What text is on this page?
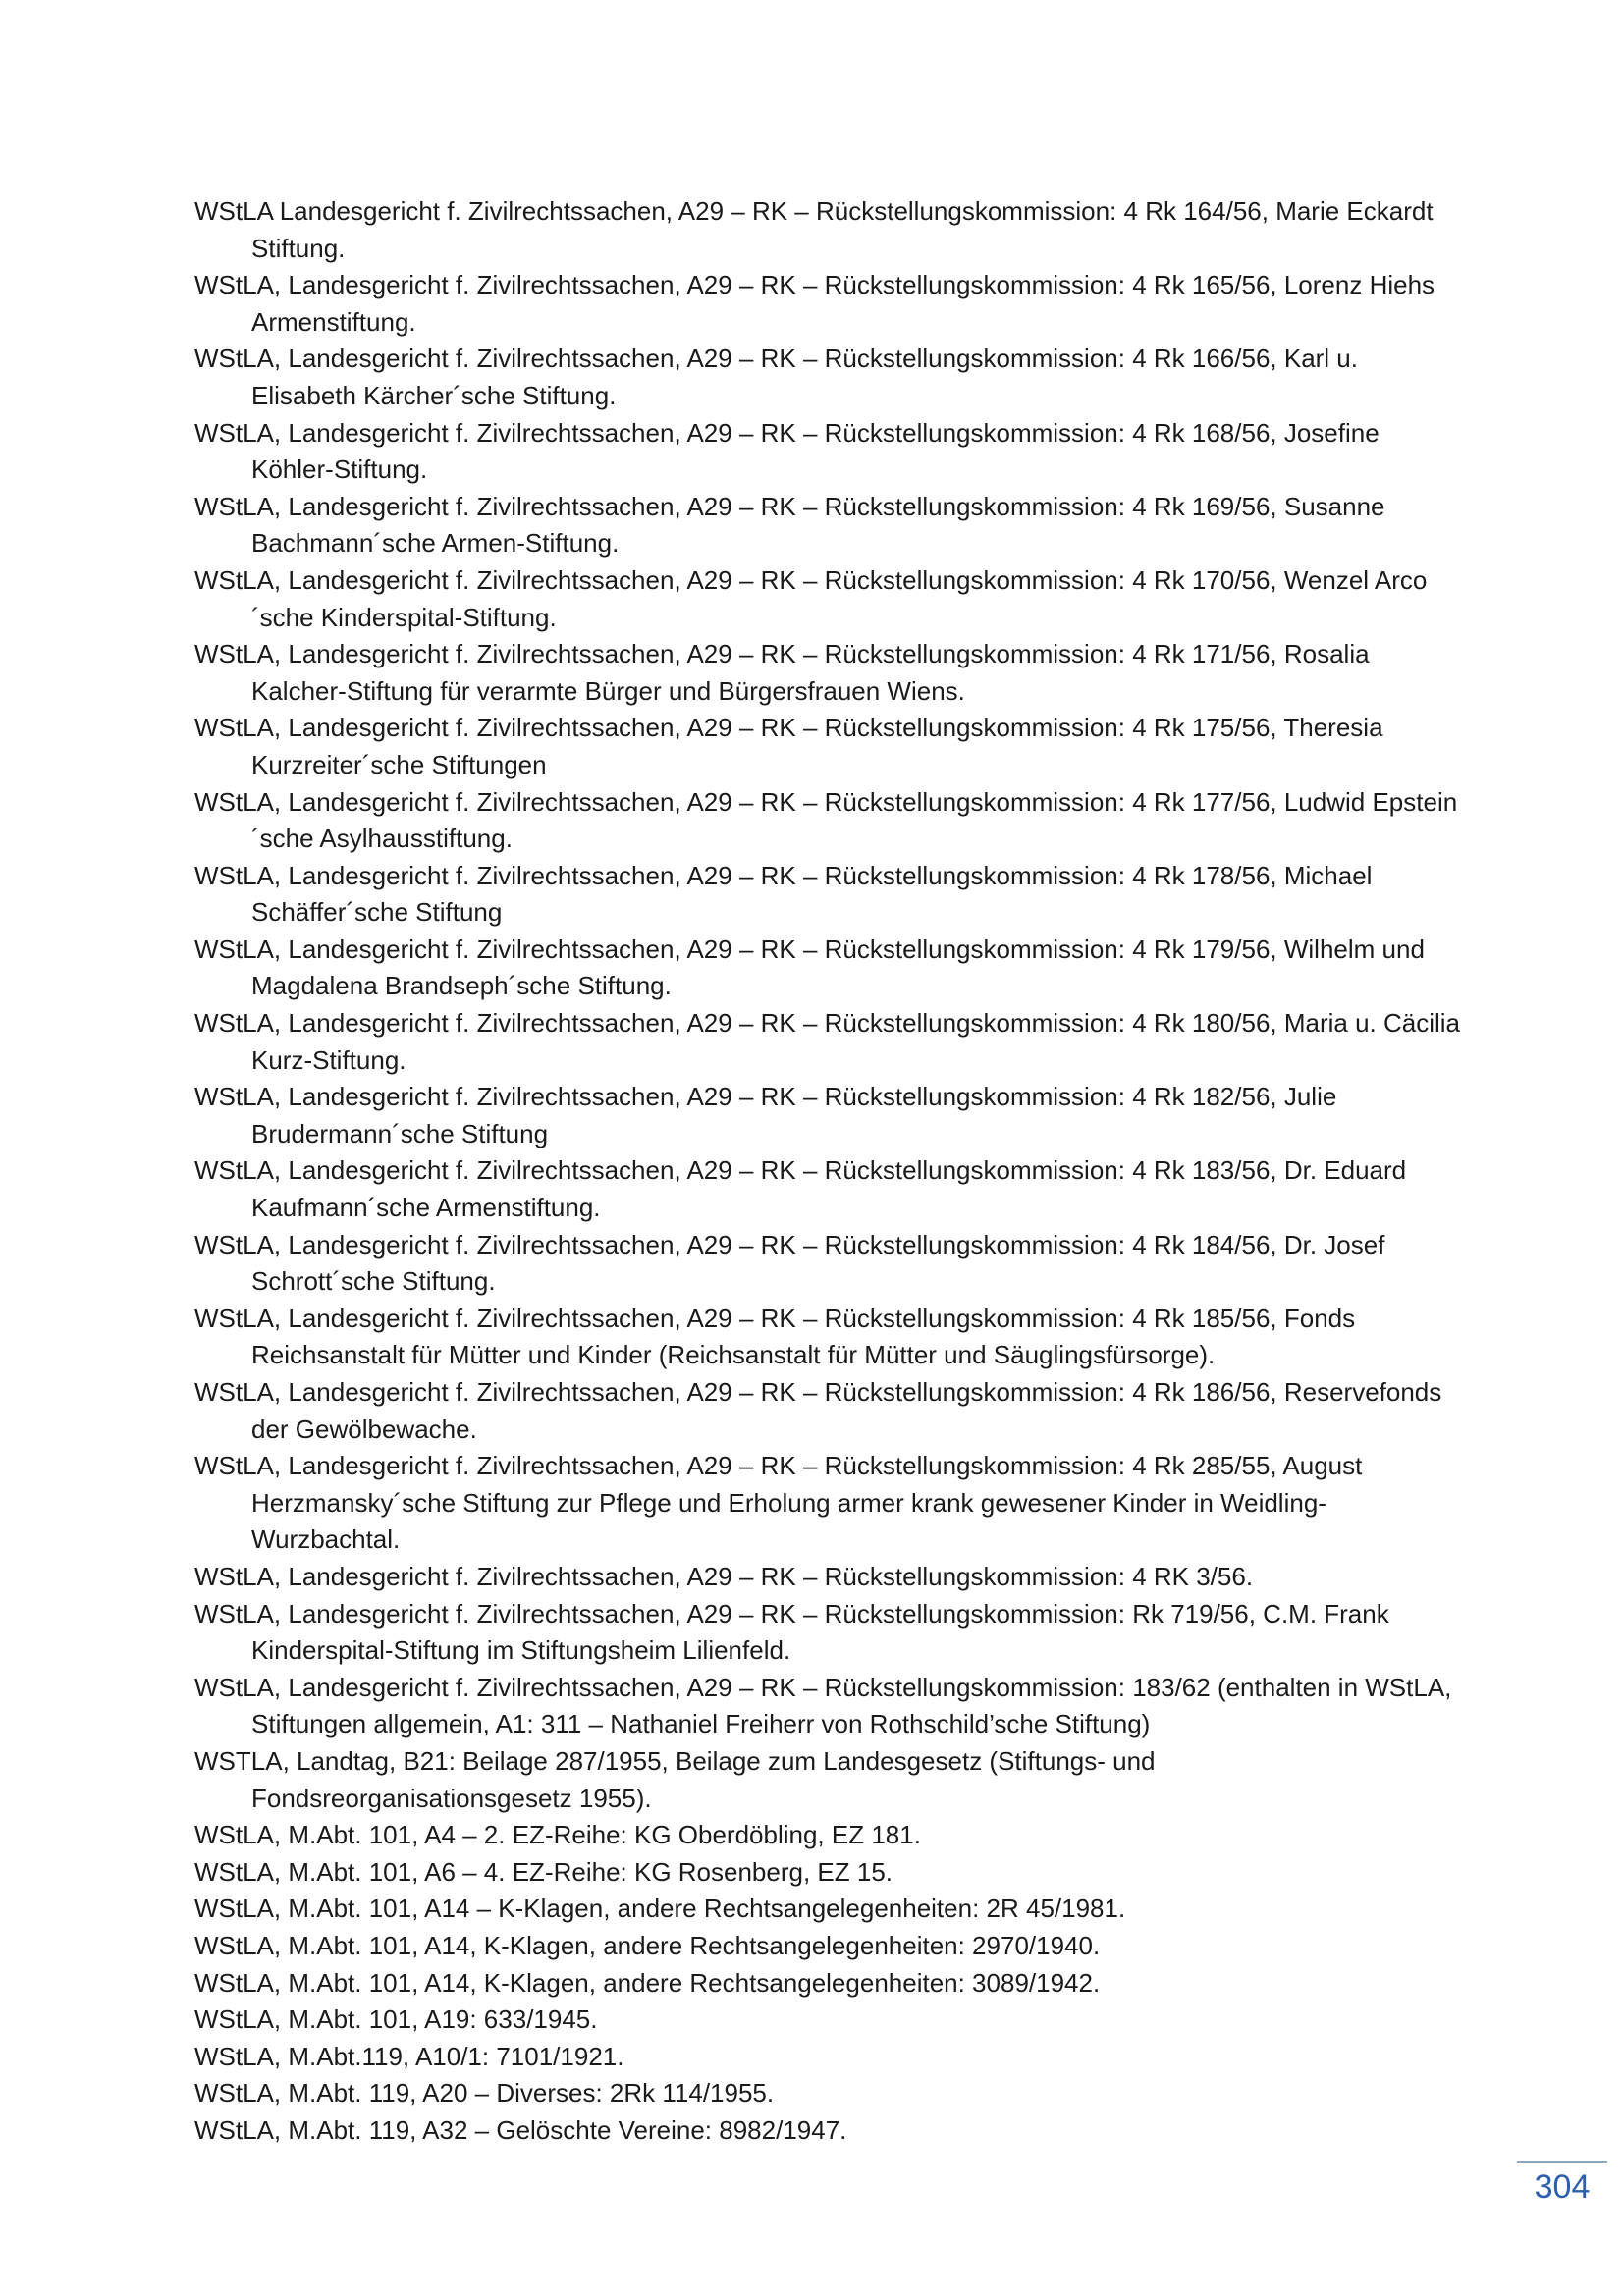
WStLA Landesgericht f. Zivilrechtssachen, A29 – RK – Rückstellungskommission: 4 Rk 164/56, Marie Eckardt Stiftung.
WStLA, Landesgericht f. Zivilrechtssachen, A29 – RK – Rückstellungskommission: 4 Rk 165/56, Lorenz Hiehs Armenstiftung.
WStLA, Landesgericht f. Zivilrechtssachen, A29 – RK – Rückstellungskommission: 4 Rk 166/56, Karl u. Elisabeth Kärcher´sche Stiftung.
WStLA, Landesgericht f. Zivilrechtssachen, A29 – RK – Rückstellungskommission: 4 Rk 168/56, Josefine Köhler-Stiftung.
WStLA, Landesgericht f. Zivilrechtssachen, A29 – RK – Rückstellungskommission: 4 Rk 169/56, Susanne Bachmann´sche Armen-Stiftung.
WStLA, Landesgericht f. Zivilrechtssachen, A29 – RK – Rückstellungskommission: 4 Rk 170/56, Wenzel Arco´sche Kinderspital-Stiftung.
WStLA, Landesgericht f. Zivilrechtssachen, A29 – RK – Rückstellungskommission: 4 Rk 171/56, Rosalia Kalcher-Stiftung für verarmte Bürger und Bürgersfrauen Wiens.
WStLA, Landesgericht f. Zivilrechtssachen, A29 – RK – Rückstellungskommission: 4 Rk 175/56, Theresia Kurzreiter´sche Stiftungen
WStLA, Landesgericht f. Zivilrechtssachen, A29 – RK – Rückstellungskommission: 4 Rk 177/56, Ludwid Epstein´sche Asylhausstiftung.
WStLA, Landesgericht f. Zivilrechtssachen, A29 – RK – Rückstellungskommission: 4 Rk 178/56, Michael Schäffer´sche Stiftung
WStLA, Landesgericht f. Zivilrechtssachen, A29 – RK – Rückstellungskommission: 4 Rk 179/56, Wilhelm und Magdalena Brandseph´sche Stiftung.
WStLA, Landesgericht f. Zivilrechtssachen, A29 – RK – Rückstellungskommission: 4 Rk 180/56, Maria u. Cäcilia Kurz-Stiftung.
WStLA, Landesgericht f. Zivilrechtssachen, A29 – RK – Rückstellungskommission: 4 Rk 182/56, Julie Brudermann´sche Stiftung
WStLA, Landesgericht f. Zivilrechtssachen, A29 – RK – Rückstellungskommission: 4 Rk 183/56, Dr. Eduard Kaufmann´sche Armenstiftung.
WStLA, Landesgericht f. Zivilrechtssachen, A29 – RK – Rückstellungskommission: 4 Rk 184/56, Dr. Josef Schrott´sche Stiftung.
WStLA, Landesgericht f. Zivilrechtssachen, A29 – RK – Rückstellungskommission: 4 Rk 185/56, Fonds Reichsanstalt für Mütter und Kinder (Reichsanstalt für Mütter und Säuglingsfürsorge).
WStLA, Landesgericht f. Zivilrechtssachen, A29 – RK – Rückstellungskommission: 4 Rk 186/56, Reservefonds der Gewölbewache.
WStLA, Landesgericht f. Zivilrechtssachen, A29 – RK – Rückstellungskommission: 4 Rk 285/55, August Herzmansky´sche Stiftung zur Pflege und Erholung armer krank gewesener Kinder in Weidling-Wurzbachtal.
WStLA, Landesgericht f. Zivilrechtssachen, A29 – RK – Rückstellungskommission: 4 RK 3/56.
WStLA, Landesgericht f. Zivilrechtssachen, A29 – RK – Rückstellungskommission: Rk 719/56, C.M. Frank Kinderspital-Stiftung im Stiftungsheim Lilienfeld.
WStLA, Landesgericht f. Zivilrechtssachen, A29 – RK – Rückstellungskommission: 183/62 (enthalten in WStLA, Stiftungen allgemein, A1: 311 – Nathaniel Freiherr von Rothschild’sche Stiftung)
WSTLA, Landtag, B21: Beilage 287/1955, Beilage zum Landesgesetz (Stiftungs- und Fondsreorganisationsgesetz 1955).
WStLA, M.Abt. 101, A4 – 2. EZ-Reihe: KG Oberdöbling, EZ 181.
WStLA, M.Abt. 101, A6 – 4. EZ-Reihe: KG Rosenberg, EZ 15.
WStLA, M.Abt. 101, A14 – K-Klagen, andere Rechtsangelegenheiten: 2R 45/1981.
WStLA, M.Abt. 101, A14, K-Klagen, andere Rechtsangelegenheiten: 2970/1940.
WStLA, M.Abt. 101, A14, K-Klagen, andere Rechtsangelegenheiten: 3089/1942.
WStLA, M.Abt. 101, A19: 633/1945.
WStLA, M.Abt.119, A10/1: 7101/1921.
WStLA, M.Abt. 119, A20 – Diverses: 2Rk 114/1955.
WStLA, M.Abt. 119, A32 – Gelöschte Vereine: 8982/1947.
304
